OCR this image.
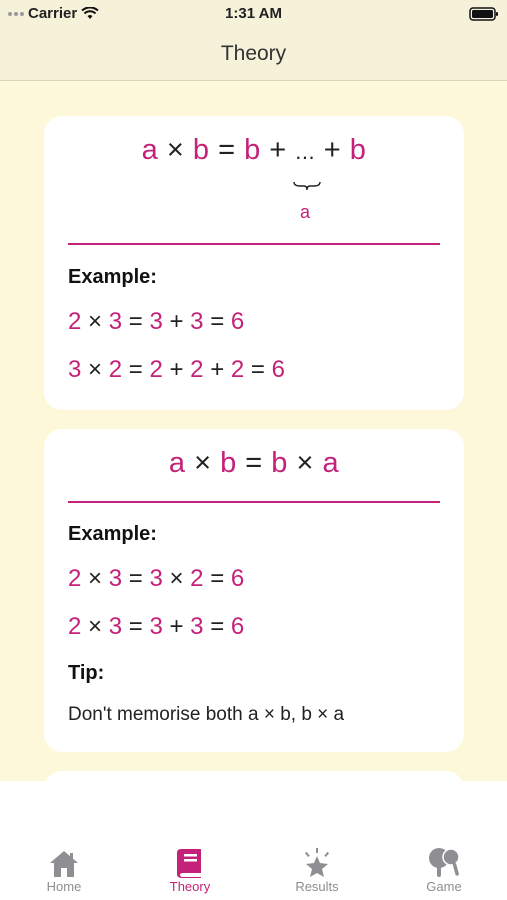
Carrier	1:31 AM
Theory
a × b = b + ... + b
a
Example:
2 × 3 = 3 + 3 = 6
3 × 2 = 2 + 2 + 2 = 6
a × b = b × a
Example:
2 × 3 = 3 × 2 = 6
2 × 3 = 3 + 3 = 6
Tip:
Don't memorise both a × b, b × a
Home	Theory	Results	Game
